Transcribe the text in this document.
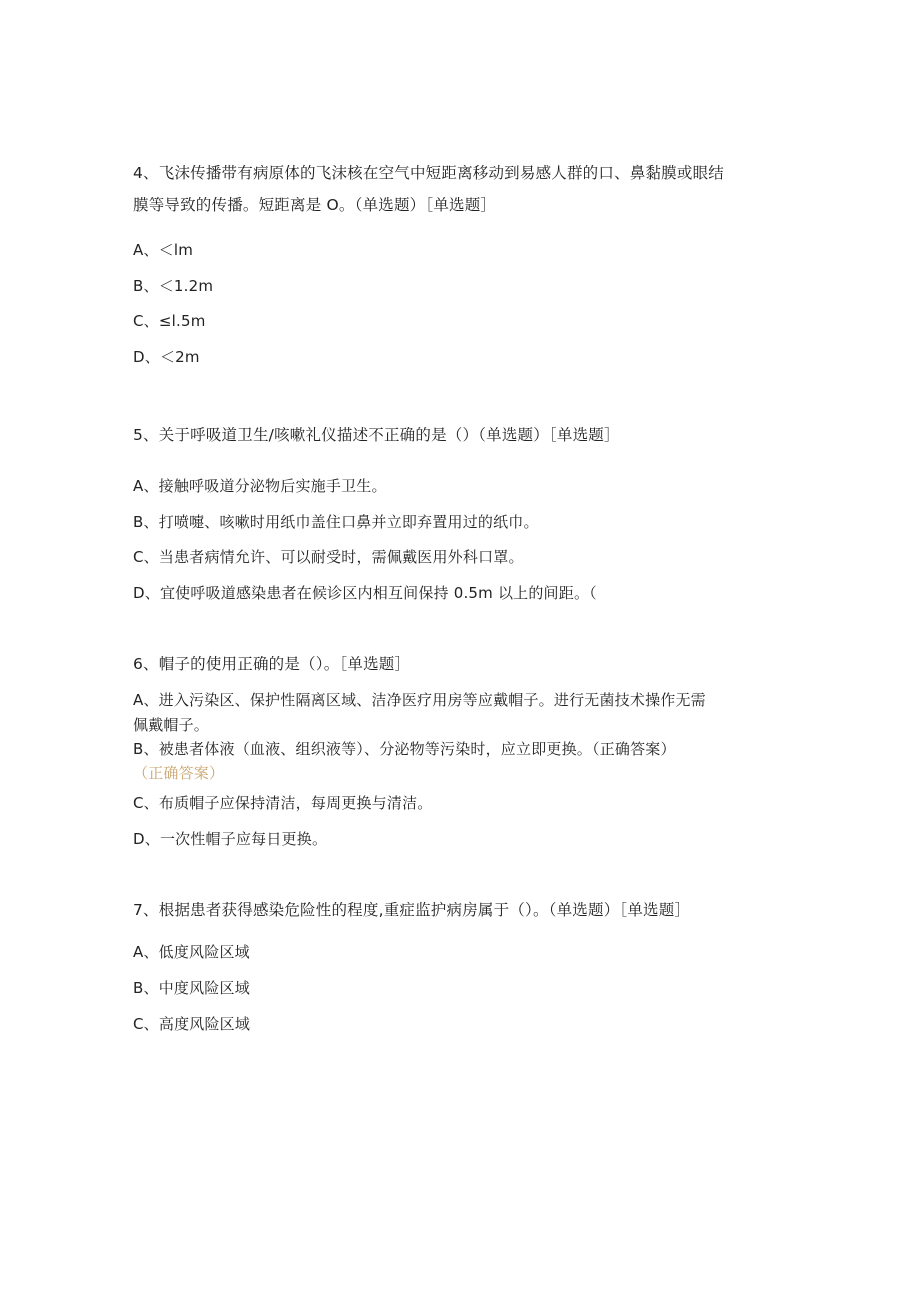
4、飞沫传播带有病原体的飞沫核在空气中短距离移动到易感人群的口、鼻黏膜或眼结
膜等导致的传播。短距离是 O。（单选题）［单选题］
A、＜lm
B、＜1.2m
C、≤l.5m
D、＜2m
5、关于呼吸道卫生/咳嗽礼仪描述不正确的是（）（单选题）［单选题］
A、接触呼吸道分泌物后实施手卫生。
B、打喷嚏、咳嗽时用纸巾盖住口鼻并立即弃置用过的纸巾。
C、当患者病情允许、可以耐受时，需佩戴医用外科口罩。
D、宜使呼吸道感染患者在候诊区内相互间保持 0.5m 以上的间距。（
6、帽子的使用正确的是（）。［单选题］
A、进入污染区、保护性隔离区域、洁净医疗用房等应戴帽子。进行无菌技术操作无需
佩戴帽子。
B、被患者体液（血液、组织液等）、分泌物等污染时，应立即更换。（正确答案）
（正确答案）
C、布质帽子应保持清洁，每周更换与清洁。
D、一次性帽子应每日更换。
7、根据患者获得感染危险性的程度,重症监护病房属于（）。（单选题）［单选题］
A、低度风险区域
B、中度风险区域
C、高度风险区域
